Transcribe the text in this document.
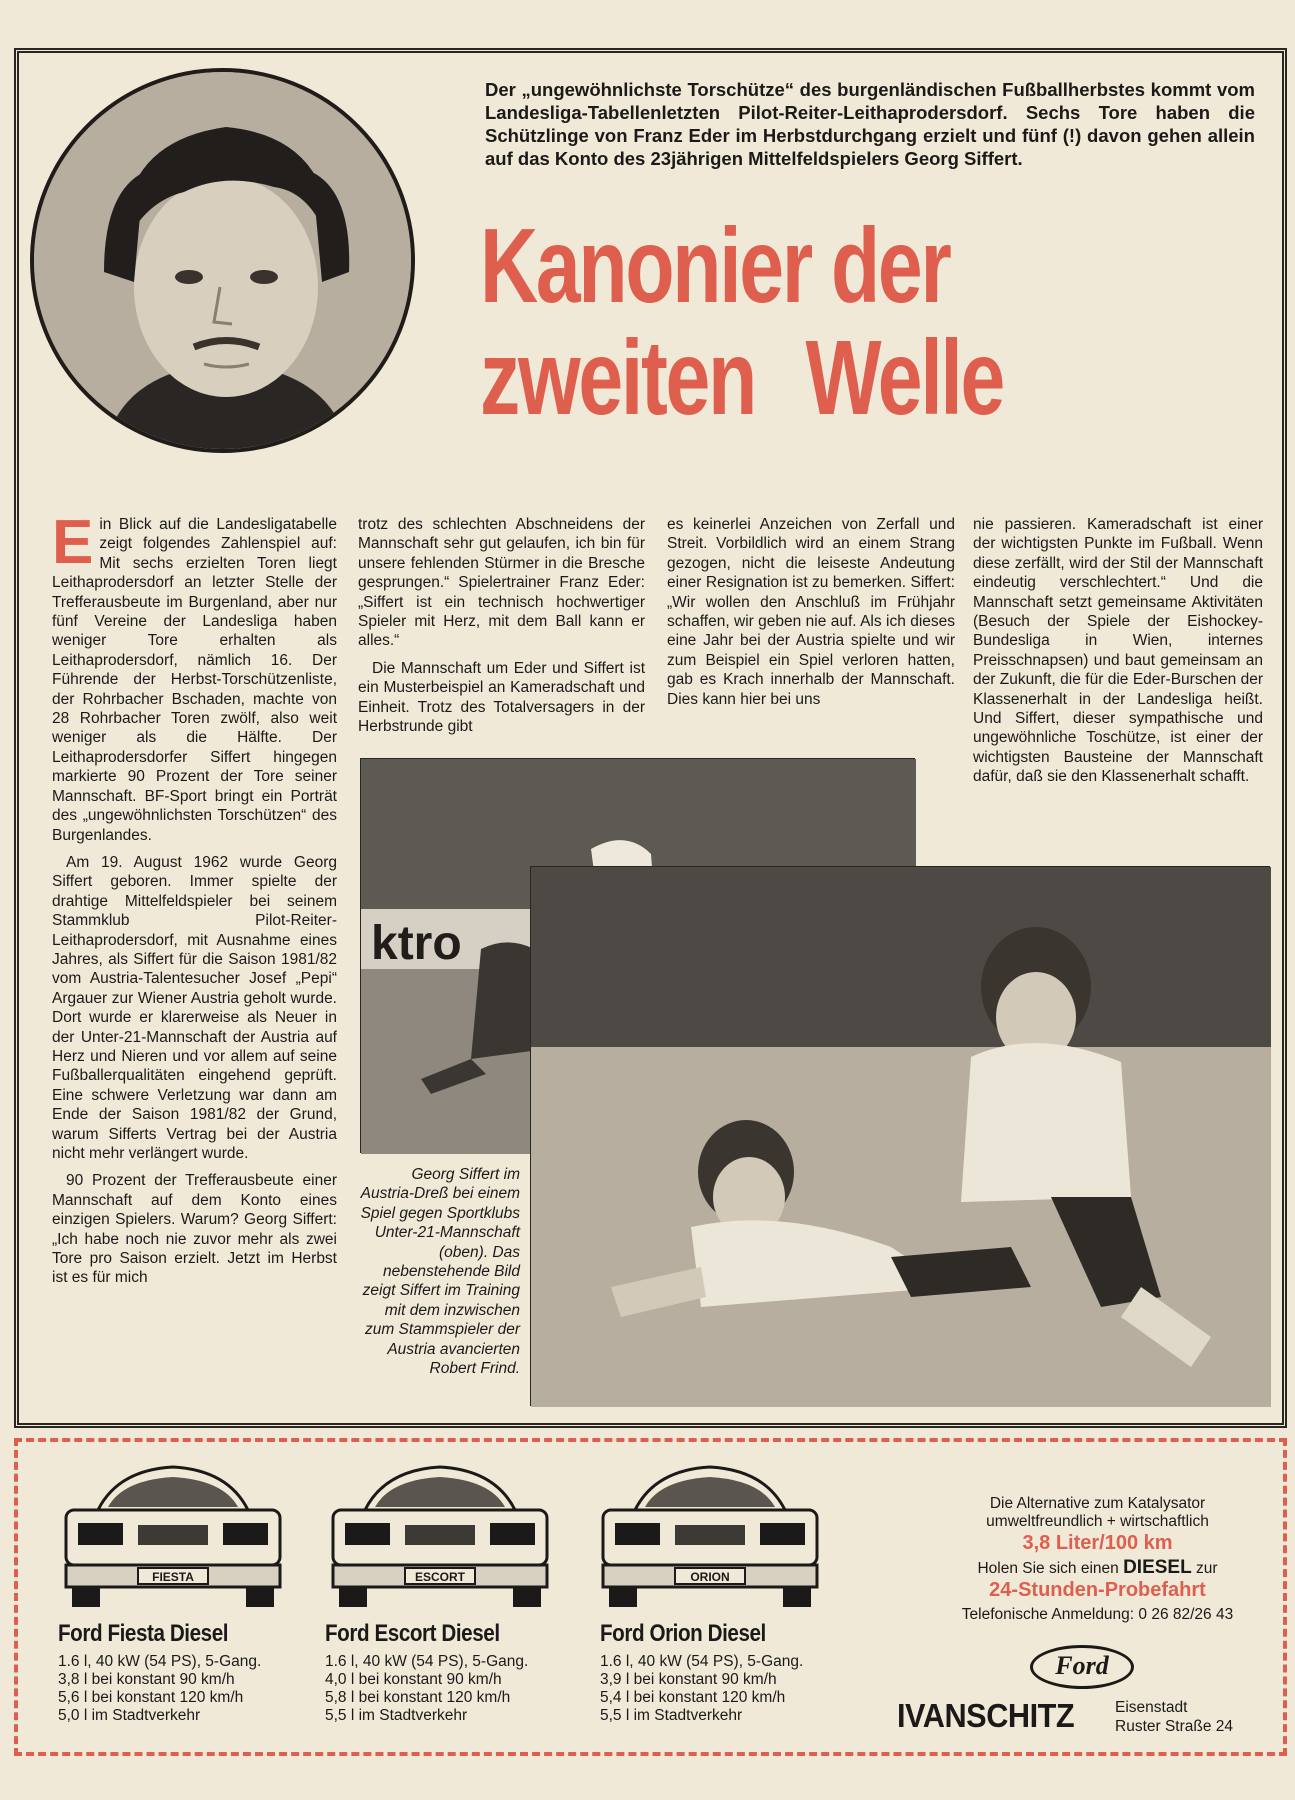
Der „ungewöhnlichste Torschütze“ des burgenländischen Fußballherbstes kommt vom Landesliga-Tabellenletzten Pilot-Reiter-Leithaprodersdorf. Sechs Tore haben die Schützlinge von Franz Eder im Herbstdurchgang erzielt und fünf (!) davon gehen allein auf das Konto des 23jährigen Mittelfeldspielers Georg Siffert.
Kanonier der
zweiten Welle

Ein Blick auf die Landesligatabelle zeigt folgendes Zahlenspiel auf: Mit sechs erzielten Toren liegt Leithaprodersdorf an letzter Stelle der Trefferausbeute im Burgenland, aber nur fünf Vereine der Landesliga haben weniger Tore erhalten als Leithaprodersdorf, nämlich 16. Der Führende der Herbst-Torschützenliste, der Rohrbacher Bschaden, machte von 28 Rohrbacher Toren zwölf, also weit weniger als die Hälfte. Der Leithaprodersdorfer Siffert hingegen markierte 90 Prozent der Tore seiner Mannschaft. BF-Sport bringt ein Porträt des „ungewöhnlichsten Torschützen“ des Burgenlandes.

Am 19. August 1962 wurde Georg Siffert geboren. Immer spielte der drahtige Mittelfeldspieler bei seinem Stammklub Pilot-Reiter-Leithaprodersdorf, mit Ausnahme eines Jahres, als Siffert für die Saison 1981/82 vom Austria-Talentesucher Josef „Pepi“ Argauer zur Wiener Austria geholt wurde. Dort wurde er klarerweise als Neuer in der Unter-21-Mannschaft der Austria auf Herz und Nieren und vor allem auf seine Fußballerqualitäten eingehend geprüft. Eine schwere Verletzung war dann am Ende der Saison 1981/82 der Grund, warum Sifferts Vertrag bei der Austria nicht mehr verlängert wurde.

90 Prozent der Trefferausbeute einer Mannschaft auf dem Konto eines einzigen Spielers. Warum? Georg Siffert: „Ich habe noch nie zuvor mehr als zwei Tore pro Saison erzielt. Jetzt im Herbst ist es für mich

trotz des schlechten Abschneidens der Mannschaft sehr gut gelaufen, ich bin für unsere fehlenden Stürmer in die Bresche gesprungen.“ Spielertrainer Franz Eder: „Siffert ist ein technisch hochwertiger Spieler mit Herz, mit dem Ball kann er alles.“

Die Mannschaft um Eder und Siffert ist ein Musterbeispiel an Kameradschaft und Einheit. Trotz des Totalversagers in der Herbstrunde gibt

es keinerlei Anzeichen von Zerfall und Streit. Vorbildlich wird an einem Strang gezogen, nicht die leiseste Andeutung einer Resignation ist zu bemerken. Siffert: „Wir wollen den Anschluß im Frühjahr schaffen, wir geben nie auf. Als ich dieses eine Jahr bei der Austria spielte und wir zum Beispiel ein Spiel verloren hatten, gab es Krach innerhalb der Mannschaft. Dies kann hier bei uns

nie passieren. Kameradschaft ist einer der wichtigsten Punkte im Fußball. Wenn diese zerfällt, wird der Stil der Mannschaft eindeutig verschlechtert.“ Und die Mannschaft setzt gemeinsame Aktivitäten (Besuch der Spiele der Eishockey-Bundesliga in Wien, internes Preisschnapsen) und baut gemeinsam an der Zukunft, die für die Eder-Burschen der Klassenerhalt in der Landesliga heißt. Und Siffert, dieser sympathische und ungewöhnliche Toschütze, ist einer der wichtigsten Bausteine der Mannschaft dafür, daß sie den Klassenerhalt schafft.

ktro
Georg Siffert im Austria-Dreß bei einem Spiel gegen Sportklubs Unter-21-Mannschaft (oben). Das nebenstehende Bild zeigt Siffert im Training mit dem inzwischen zum Stammspieler der Austria avancierten Robert Frind.
FIESTA
Ford Fiesta Diesel
1.6 l, 40 kW (54 PS), 5-Gang.
3,8 l bei konstant 90 km/h
5,6 l bei konstant 120 km/h
5,0 l im Stadtverkehr
ESCORT
Ford Escort Diesel
1.6 l, 40 kW (54 PS), 5-Gang.
4,0 l bei konstant 90 km/h
5,8 l bei konstant 120 km/h
5,5 l im Stadtverkehr
ORION
Ford Orion Diesel
1.6 l, 40 kW (54 PS), 5-Gang.
3,9 l bei konstant 90 km/h
5,4 l bei konstant 120 km/h
5,5 l im Stadtverkehr
Die Alternative zum Katalysator
umweltfreundlich + wirtschaftlich
3,8 Liter/100 km
Holen Sie sich einen DIESEL zur
24-Stunden-Probefahrt
Telefonische Anmeldung: 0 26 82/26 43
Ford
IVANSCHITZ	Eisenstadt
Ruster Straße 24
